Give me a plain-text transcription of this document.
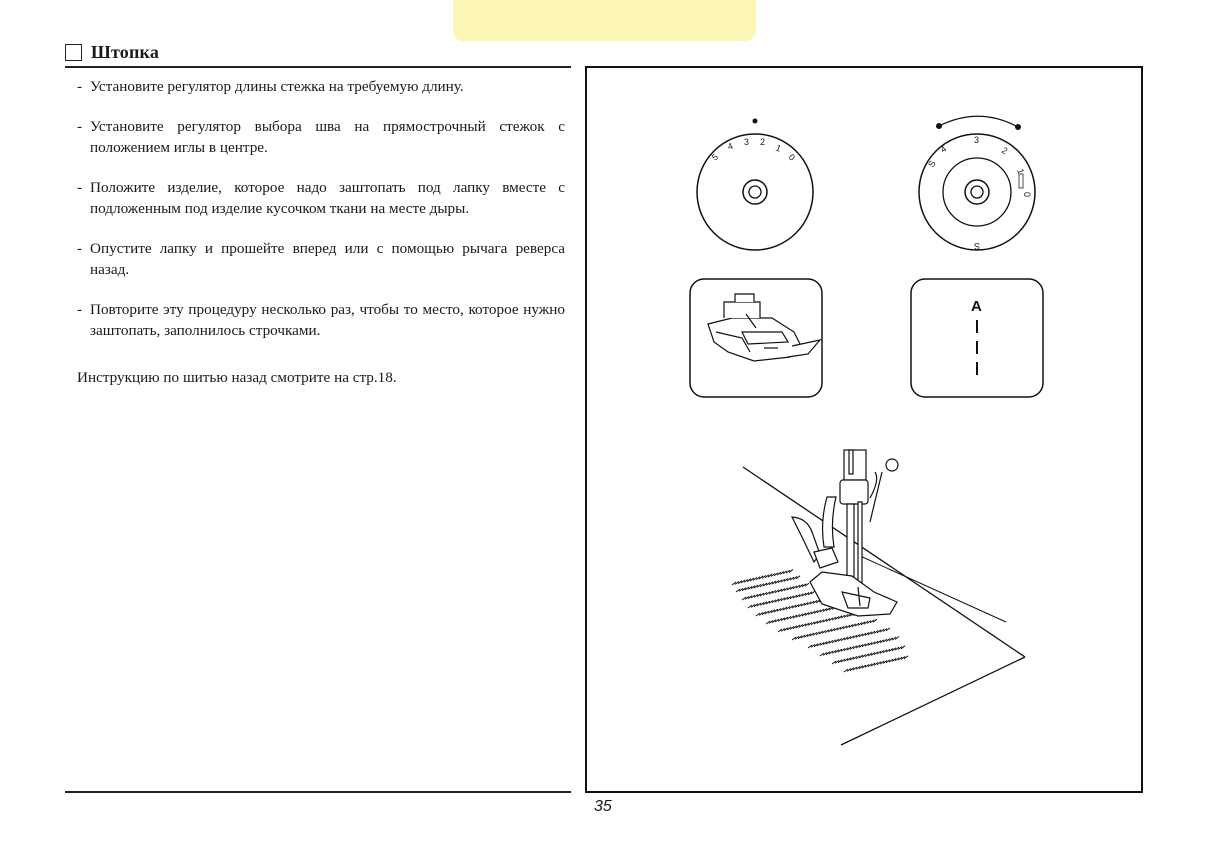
Штопка
- Установите регулятор длины стежка на требуемую длину.
- Установите регулятор выбора шва на прямострочный стежок с положением иглы в центре.
- Положите изделие, которое надо заштопать под лапку вместе с подложенным под изделие кусочком ткани на месте дыры.
- Опустите лапку и прошейте вперед или с помощью рычага реверса назад.
- Повторите эту процедуру несколько раз, чтобы то место, которое нужно заштопать, заполнилось строчками.
Инструкцию по шитью назад смотрите на стр.18.
5
4 3 2
1
0
S
4
3
2
1
0
S
A
35
